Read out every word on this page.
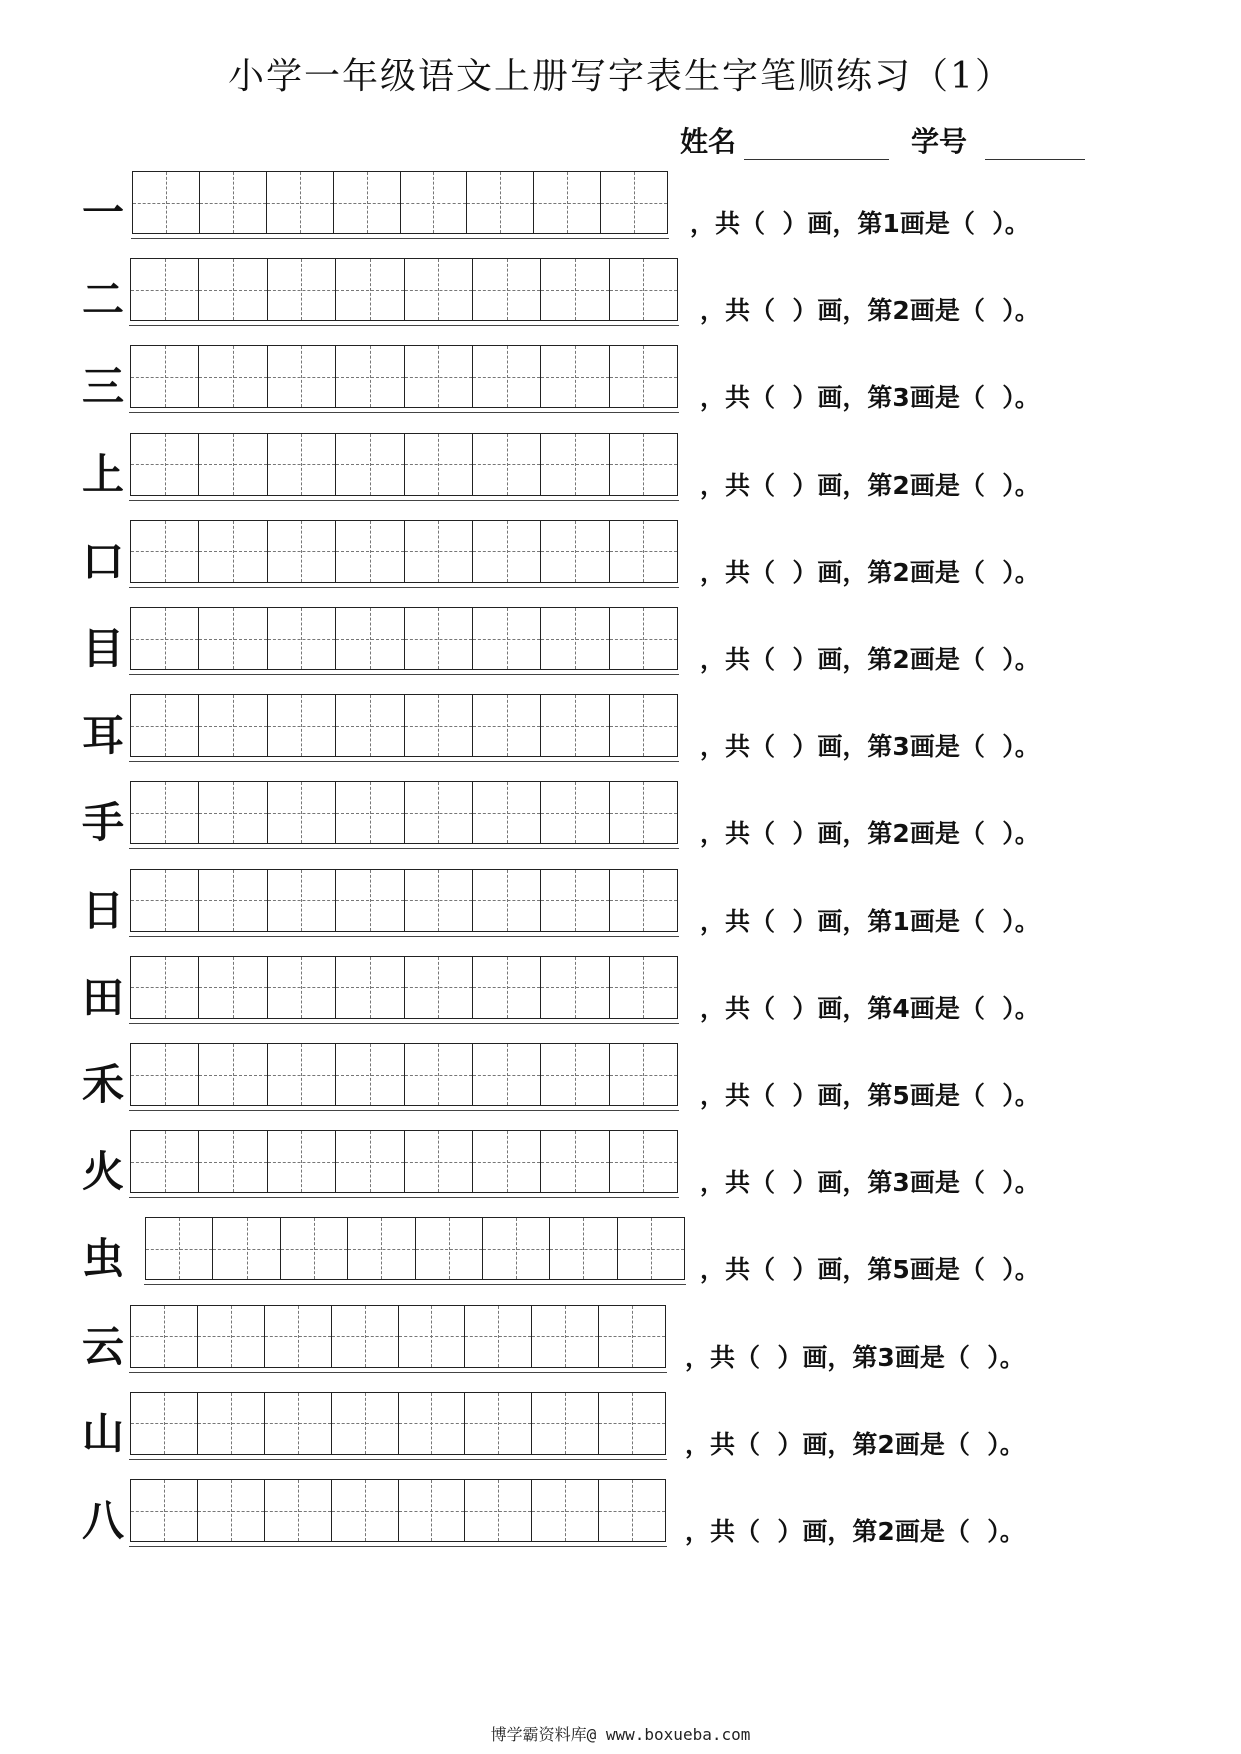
小学一年级语文上册写字表生字笔顺练习（1）
姓名	学号
一	，共（  ）画，第1画是（  ）。
二	，共（  ）画，第2画是（  ）。
三	，共（  ）画，第3画是（  ）。
上	，共（  ）画，第2画是（  ）。
口	，共（  ）画，第2画是（  ）。
目	，共（  ）画，第2画是（  ）。
耳	，共（  ）画，第3画是（  ）。
手	，共（  ）画，第2画是（  ）。
日	，共（  ）画，第1画是（  ）。
田	，共（  ）画，第4画是（  ）。
禾	，共（  ）画，第5画是（  ）。
火	，共（  ）画，第3画是（  ）。
虫	，共（  ）画，第5画是（  ）。
云	，共（  ）画，第3画是（  ）。
山	，共（  ）画，第2画是（  ）。
八	，共（  ）画，第2画是（  ）。
博学霸资料库@ www.boxueba.com
